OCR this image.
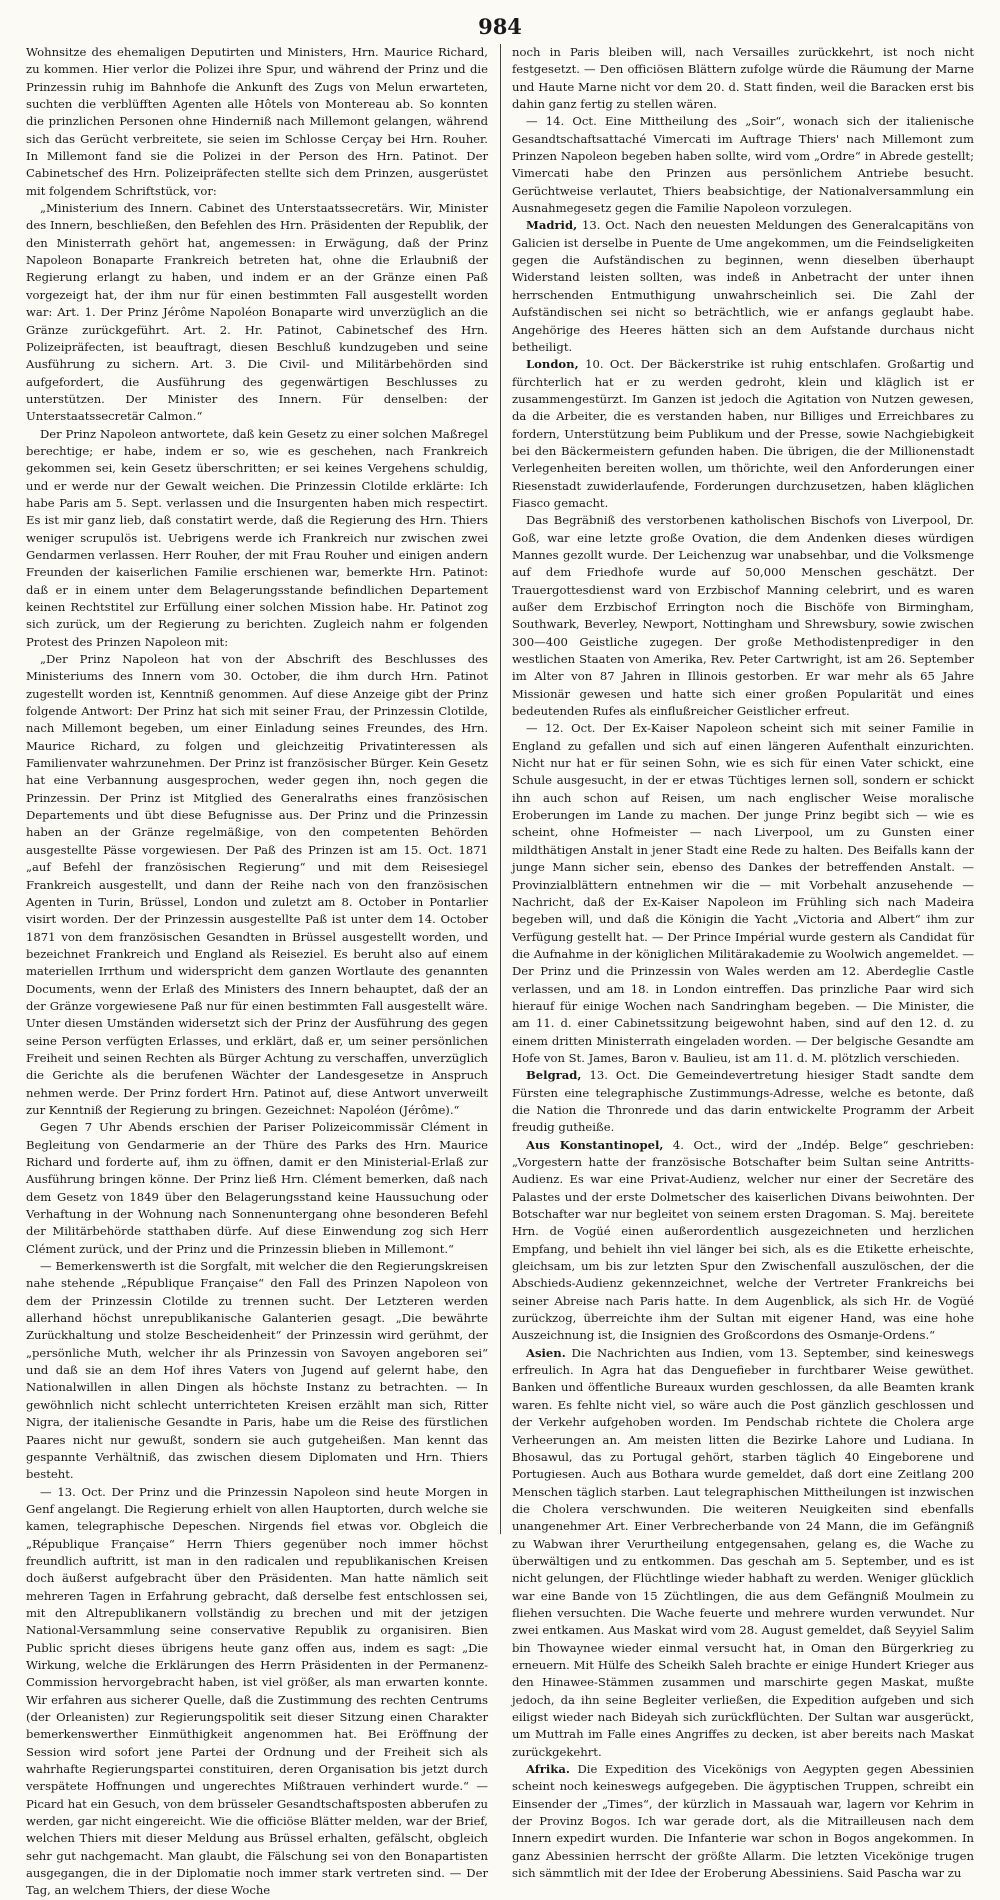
984

Wohnsitze des ehemaligen Deputirten und Ministers, Hrn. Maurice Richard, zu kommen. Hier verlor die Polizei ihre Spur, und während der Prinz und die Prinzessin ruhig im Bahnhofe die Ankunft des Zugs von Melun erwarteten, suchten die verblüfften Agenten alle Hôtels von Montereau ab. So konnten die prinzlichen Personen ohne Hinderniß nach Millemont gelangen, während sich das Gerücht verbreitete, sie seien im Schlosse Cerçay bei Hrn. Rouher. In Millemont fand sie die Polizei in der Person des Hrn. Patinot. Der Cabinetschef des Hrn. Polizeipräfecten stellte sich dem Prinzen, ausgerüstet mit folgendem Schriftstück, vor:

„Ministerium des Innern. Cabinet des Unterstaatssecretärs. Wir, Minister des Innern, beschließen, den Befehlen des Hrn. Präsidenten der Republik, der den Ministerrath gehört hat, angemessen: in Erwägung, daß der Prinz Napoleon Bonaparte Frankreich betreten hat, ohne die Erlaubniß der Regierung erlangt zu haben, und indem er an der Gränze einen Paß vorgezeigt hat, der ihm nur für einen bestimmten Fall ausgestellt worden war: Art. 1. Der Prinz Jérôme Napoléon Bonaparte wird unverzüglich an die Gränze zurückgeführt. Art. 2. Hr. Patinot, Cabinetschef des Hrn. Polizeipräfecten, ist beauftragt, diesen Beschluß kundzugeben und seine Ausführung zu sichern. Art. 3. Die Civil- und Militärbehörden sind aufgefordert, die Ausführung des gegenwärtigen Beschlusses zu unterstützen. Der Minister des Innern. Für denselben: der Unterstaatssecretär Calmon.“

Der Prinz Napoleon antwortete, daß kein Gesetz zu einer solchen Maßregel berechtige; er habe, indem er so, wie es geschehen, nach Frankreich gekommen sei, kein Gesetz überschritten; er sei keines Vergehens schuldig, und er werde nur der Gewalt weichen. Die Prinzessin Clotilde erklärte: Ich habe Paris am 5. Sept. verlassen und die Insurgenten haben mich respectirt. Es ist mir ganz lieb, daß constatirt werde, daß die Regierung des Hrn. Thiers weniger scrupulös ist. Uebrigens werde ich Frankreich nur zwischen zwei Gendarmen verlassen. Herr Rouher, der mit Frau Rouher und einigen andern Freunden der kaiserlichen Familie erschienen war, bemerkte Hrn. Patinot: daß er in einem unter dem Belagerungsstande befindlichen Departement keinen Rechtstitel zur Erfüllung einer solchen Mission habe. Hr. Patinot zog sich zurück, um der Regierung zu berichten. Zugleich nahm er folgenden Protest des Prinzen Napoleon mit:

„Der Prinz Napoleon hat von der Abschrift des Beschlusses des Ministeriums des Innern vom 30. October, die ihm durch Hrn. Patinot zugestellt worden ist, Kenntniß genommen. Auf diese Anzeige gibt der Prinz folgende Antwort: Der Prinz hat sich mit seiner Frau, der Prinzessin Clotilde, nach Millemont begeben, um einer Einladung seines Freundes, des Hrn. Maurice Richard, zu folgen und gleichzeitig Privatinteressen als Familienvater wahrzunehmen. Der Prinz ist französischer Bürger. Kein Gesetz hat eine Verbannung ausgesprochen, weder gegen ihn, noch gegen die Prinzessin. Der Prinz ist Mitglied des Generalraths eines französischen Departements und übt diese Befugnisse aus. Der Prinz und die Prinzessin haben an der Gränze regelmäßige, von den competenten Behörden ausgestellte Pässe vorgewiesen. Der Paß des Prinzen ist am 15. Oct. 1871 „auf Befehl der französischen Regierung“ und mit dem Reisesiegel Frankreich ausgestellt, und dann der Reihe nach von den französischen Agenten in Turin, Brüssel, London und zuletzt am 8. October in Pontarlier visirt worden. Der der Prinzessin ausgestellte Paß ist unter dem 14. October 1871 von dem französischen Gesandten in Brüssel ausgestellt worden, und bezeichnet Frankreich und England als Reiseziel. Es beruht also auf einem materiellen Irrthum und widerspricht dem ganzen Wortlaute des genannten Documents, wenn der Erlaß des Ministers des Innern behauptet, daß der an der Gränze vorgewiesene Paß nur für einen bestimmten Fall ausgestellt wäre. Unter diesen Umständen widersetzt sich der Prinz der Ausführung des gegen seine Person verfügten Erlasses, und erklärt, daß er, um seiner persönlichen Freiheit und seinen Rechten als Bürger Achtung zu verschaffen, unverzüglich die Gerichte als die berufenen Wächter der Landesgesetze in Anspruch nehmen werde. Der Prinz fordert Hrn. Patinot auf, diese Antwort unverweilt zur Kenntniß der Regierung zu bringen. Gezeichnet: Napoléon (Jérôme).“

Gegen 7 Uhr Abends erschien der Pariser Polizeicommissär Clément in Begleitung von Gendarmerie an der Thüre des Parks des Hrn. Maurice Richard und forderte auf, ihm zu öffnen, damit er den Ministerial-Erlaß zur Ausführung bringen könne. Der Prinz ließ Hrn. Clément bemerken, daß nach dem Gesetz von 1849 über den Belagerungsstand keine Haussuchung oder Verhaftung in der Wohnung nach Sonnenuntergang ohne besonderen Befehl der Militärbehörde statthaben dürfe. Auf diese Einwendung zog sich Herr Clément zurück, und der Prinz und die Prinzessin blieben in Millemont.“

— Bemerkenswerth ist die Sorgfalt, mit welcher die den Regierungskreisen nahe stehende „République Française“ den Fall des Prinzen Napoleon von dem der Prinzessin Clotilde zu trennen sucht. Der Letzteren werden allerhand höchst unrepublikanische Galanterien gesagt. „Die bewährte Zurückhaltung und stolze Bescheidenheit“ der Prinzessin wird gerühmt, der „persönliche Muth, welcher ihr als Prinzessin von Savoyen angeboren sei“ und daß sie an dem Hof ihres Vaters von Jugend auf gelernt habe, den Nationalwillen in allen Dingen als höchste Instanz zu betrachten. — In gewöhnlich nicht schlecht unterrichteten Kreisen erzählt man sich, Ritter Nigra, der italienische Gesandte in Paris, habe um die Reise des fürstlichen Paares nicht nur gewußt, sondern sie auch gutgeheißen. Man kennt das gespannte Verhältniß, das zwischen diesem Diplomaten und Hrn. Thiers besteht.

— 13. Oct. Der Prinz und die Prinzessin Napoleon sind heute Morgen in Genf angelangt. Die Regierung erhielt von allen Hauptorten, durch welche sie kamen, telegraphische Depeschen. Nirgends fiel etwas vor. Obgleich die „République Française“ Herrn Thiers gegenüber noch immer höchst freundlich auftritt, ist man in den radicalen und republikanischen Kreisen doch äußerst aufgebracht über den Präsidenten. Man hatte nämlich seit mehreren Tagen in Erfahrung gebracht, daß derselbe fest entschlossen sei, mit den Altrepublikanern vollständig zu brechen und mit der jetzigen National-Versammlung seine conservative Republik zu organisiren. Bien Public spricht dieses übrigens heute ganz offen aus, indem es sagt: „Die Wirkung, welche die Erklärungen des Herrn Präsidenten in der Permanenz-Commission hervorgebracht haben, ist viel größer, als man erwarten konnte. Wir erfahren aus sicherer Quelle, daß die Zustimmung des rechten Centrums (der Orleanisten) zur Regierungspolitik seit dieser Sitzung einen Charakter bemerkenswerther Einmüthigkeit angenommen hat. Bei Eröffnung der Session wird sofort jene Partei der Ordnung und der Freiheit sich als wahrhafte Regierungspartei constituiren, deren Organisation bis jetzt durch verspätete Hoffnungen und ungerechtes Mißtrauen verhindert wurde.“ — Picard hat ein Gesuch, von dem brüsseler Gesandtschaftsposten abberufen zu werden, gar nicht eingereicht. Wie die officiöse Blätter melden, war der Brief, welchen Thiers mit dieser Meldung aus Brüssel erhalten, gefälscht, obgleich sehr gut nachgemacht. Man glaubt, die Fälschung sei von den Bonapartisten ausgegangen, die in der Diplomatie noch immer stark vertreten sind. — Der Tag, an welchem Thiers, der diese Woche

noch in Paris bleiben will, nach Versailles zurückkehrt, ist noch nicht festgesetzt. — Den officiösen Blättern zufolge würde die Räumung der Marne und Haute Marne nicht vor dem 20. d. Statt finden, weil die Baracken erst bis dahin ganz fertig zu stellen wären.

— 14. Oct. Eine Mittheilung des „Soir“, wonach sich der italienische Gesandtschaftsattaché Vimercati im Auftrage Thiers' nach Millemont zum Prinzen Napoleon begeben haben sollte, wird vom „Ordre“ in Abrede gestellt; Vimercati habe den Prinzen aus persönlichem Antriebe besucht. Gerüchtweise verlautet, Thiers beabsichtige, der Nationalversammlung ein Ausnahmegesetz gegen die Familie Napoleon vorzulegen.

Madrid, 13. Oct. Nach den neuesten Meldungen des Generalcapitäns von Galicien ist derselbe in Puente de Ume angekommen, um die Feindseligkeiten gegen die Aufständischen zu beginnen, wenn dieselben überhaupt Widerstand leisten sollten, was indeß in Anbetracht der unter ihnen herrschenden Entmuthigung unwahrscheinlich sei. Die Zahl der Aufständischen sei nicht so beträchtlich, wie er anfangs geglaubt habe. Angehörige des Heeres hätten sich an dem Aufstande durchaus nicht betheiligt.

London, 10. Oct. Der Bäckerstrike ist ruhig entschlafen. Großartig und fürchterlich hat er zu werden gedroht, klein und kläglich ist er zusammengestürzt. Im Ganzen ist jedoch die Agitation von Nutzen gewesen, da die Arbeiter, die es verstanden haben, nur Billiges und Erreichbares zu fordern, Unterstützung beim Publikum und der Presse, sowie Nachgiebigkeit bei den Bäckermeistern gefunden haben. Die übrigen, die der Millionenstadt Verlegenheiten bereiten wollen, um thörichte, weil den Anforderungen einer Riesenstadt zuwiderlaufende, Forderungen durchzusetzen, haben kläglichen Fiasco gemacht.

Das Begräbniß des verstorbenen katholischen Bischofs von Liverpool, Dr. Goß, war eine letzte große Ovation, die dem Andenken dieses würdigen Mannes gezollt wurde. Der Leichenzug war unabsehbar, und die Volksmenge auf dem Friedhofe wurde auf 50,000 Menschen geschätzt. Der Trauergottesdienst ward von Erzbischof Manning celebrirt, und es waren außer dem Erzbischof Errington noch die Bischöfe von Birmingham, Southwark, Beverley, Newport, Nottingham und Shrewsbury, sowie zwischen 300—400 Geistliche zugegen. Der große Methodistenprediger in den westlichen Staaten von Amerika, Rev. Peter Cartwright, ist am 26. September im Alter von 87 Jahren in Illinois gestorben. Er war mehr als 65 Jahre Missionär gewesen und hatte sich einer großen Popularität und eines bedeutenden Rufes als einflußreicher Geistlicher erfreut.

— 12. Oct. Der Ex-Kaiser Napoleon scheint sich mit seiner Familie in England zu gefallen und sich auf einen längeren Aufenthalt einzurichten. Nicht nur hat er für seinen Sohn, wie es sich für einen Vater schickt, eine Schule ausgesucht, in der er etwas Tüchtiges lernen soll, sondern er schickt ihn auch schon auf Reisen, um nach englischer Weise moralische Eroberungen im Lande zu machen. Der junge Prinz begibt sich — wie es scheint, ohne Hofmeister — nach Liverpool, um zu Gunsten einer mildthätigen Anstalt in jener Stadt eine Rede zu halten. Des Beifalls kann der junge Mann sicher sein, ebenso des Dankes der betreffenden Anstalt. — Provinzialblättern entnehmen wir die — mit Vorbehalt anzusehende — Nachricht, daß der Ex-Kaiser Napoleon im Frühling sich nach Madeira begeben will, und daß die Königin die Yacht „Victoria and Albert“ ihm zur Verfügung gestellt hat. — Der Prince Impérial wurde gestern als Candidat für die Aufnahme in der königlichen Militärakademie zu Woolwich angemeldet. — Der Prinz und die Prinzessin von Wales werden am 12. Aberdeglie Castle verlassen, und am 18. in London eintreffen. Das prinzliche Paar wird sich hierauf für einige Wochen nach Sandringham begeben. — Die Minister, die am 11. d. einer Cabinetssitzung beigewohnt haben, sind auf den 12. d. zu einem dritten Ministerrath eingeladen worden. — Der belgische Gesandte am Hofe von St. James, Baron v. Baulieu, ist am 11. d. M. plötzlich verschieden.

Belgrad, 13. Oct. Die Gemeindevertretung hiesiger Stadt sandte dem Fürsten eine telegraphische Zustimmungs-Adresse, welche es betonte, daß die Nation die Thronrede und das darin entwickelte Programm der Arbeit freudig gutheiße.

Aus Konstantinopel, 4. Oct., wird der „Indép. Belge“ geschrieben: „Vorgestern hatte der französische Botschafter beim Sultan seine Antritts-Audienz. Es war eine Privat-Audienz, welcher nur einer der Secretäre des Palastes und der erste Dolmetscher des kaiserlichen Divans beiwohnten. Der Botschafter war nur begleitet von seinem ersten Dragoman. S. Maj. bereitete Hrn. de Vogüé einen außerordentlich ausgezeichneten und herzlichen Empfang, und behielt ihn viel länger bei sich, als es die Etikette erheischte, gleichsam, um bis zur letzten Spur den Zwischenfall auszulöschen, der die Abschieds-Audienz gekennzeichnet, welche der Vertreter Frankreichs bei seiner Abreise nach Paris hatte. In dem Augenblick, als sich Hr. de Vogüé zurückzog, überreichte ihm der Sultan mit eigener Hand, was eine hohe Auszeichnung ist, die Insignien des Großcordons des Osmanje-Ordens.“

Asien. Die Nachrichten aus Indien, vom 13. September, sind keineswegs erfreulich. In Agra hat das Denguefieber in furchtbarer Weise gewüthet. Banken und öffentliche Bureaux wurden geschlossen, da alle Beamten krank waren. Es fehlte nicht viel, so wäre auch die Post gänzlich geschlossen und der Verkehr aufgehoben worden. Im Pendschab richtete die Cholera arge Verheerungen an. Am meisten litten die Bezirke Lahore und Ludiana. In Bhosawul, das zu Portugal gehört, starben täglich 40 Eingeborene und Portugiesen. Auch aus Bothara wurde gemeldet, daß dort eine Zeitlang 200 Menschen täglich starben. Laut telegraphischen Mittheilungen ist inzwischen die Cholera verschwunden. Die weiteren Neuigkeiten sind ebenfalls unangenehmer Art. Einer Verbrecherbande von 24 Mann, die im Gefängniß zu Wabwan ihrer Verurtheilung entgegensahen, gelang es, die Wache zu überwältigen und zu entkommen. Das geschah am 5. September, und es ist nicht gelungen, der Flüchtlinge wieder habhaft zu werden. Weniger glücklich war eine Bande von 15 Züchtlingen, die aus dem Gefängniß Moulmein zu fliehen versuchten. Die Wache feuerte und mehrere wurden verwundet. Nur zwei entkamen. Aus Maskat wird vom 28. August gemeldet, daß Seyyiel Salim bin Thowaynee wieder einmal versucht hat, in Oman den Bürgerkrieg zu erneuern. Mit Hülfe des Scheikh Saleh brachte er einige Hundert Krieger aus den Hinawee-Stämmen zusammen und marschirte gegen Maskat, mußte jedoch, da ihn seine Begleiter verließen, die Expedition aufgeben und sich eiligst wieder nach Bideyah sich zurückflüchten. Der Sultan war ausgerückt, um Muttrah im Falle eines Angriffes zu decken, ist aber bereits nach Maskat zurückgekehrt.

Afrika. Die Expedition des Vicekönigs von Aegypten gegen Abessinien scheint noch keineswegs aufgegeben. Die ägyptischen Truppen, schreibt ein Einsender der „Times“, der kürzlich in Massauah war, lagern vor Kehrim in der Provinz Bogos. Ich war gerade dort, als die Mitrailleusen nach dem Innern expedirt wurden. Die Infanterie war schon in Bogos angekommen. In ganz Abessinien herrscht der größte Allarm. Die letzten Vicekönige trugen sich sämmtlich mit der Idee der Eroberung Abessiniens. Said Pascha war zu
